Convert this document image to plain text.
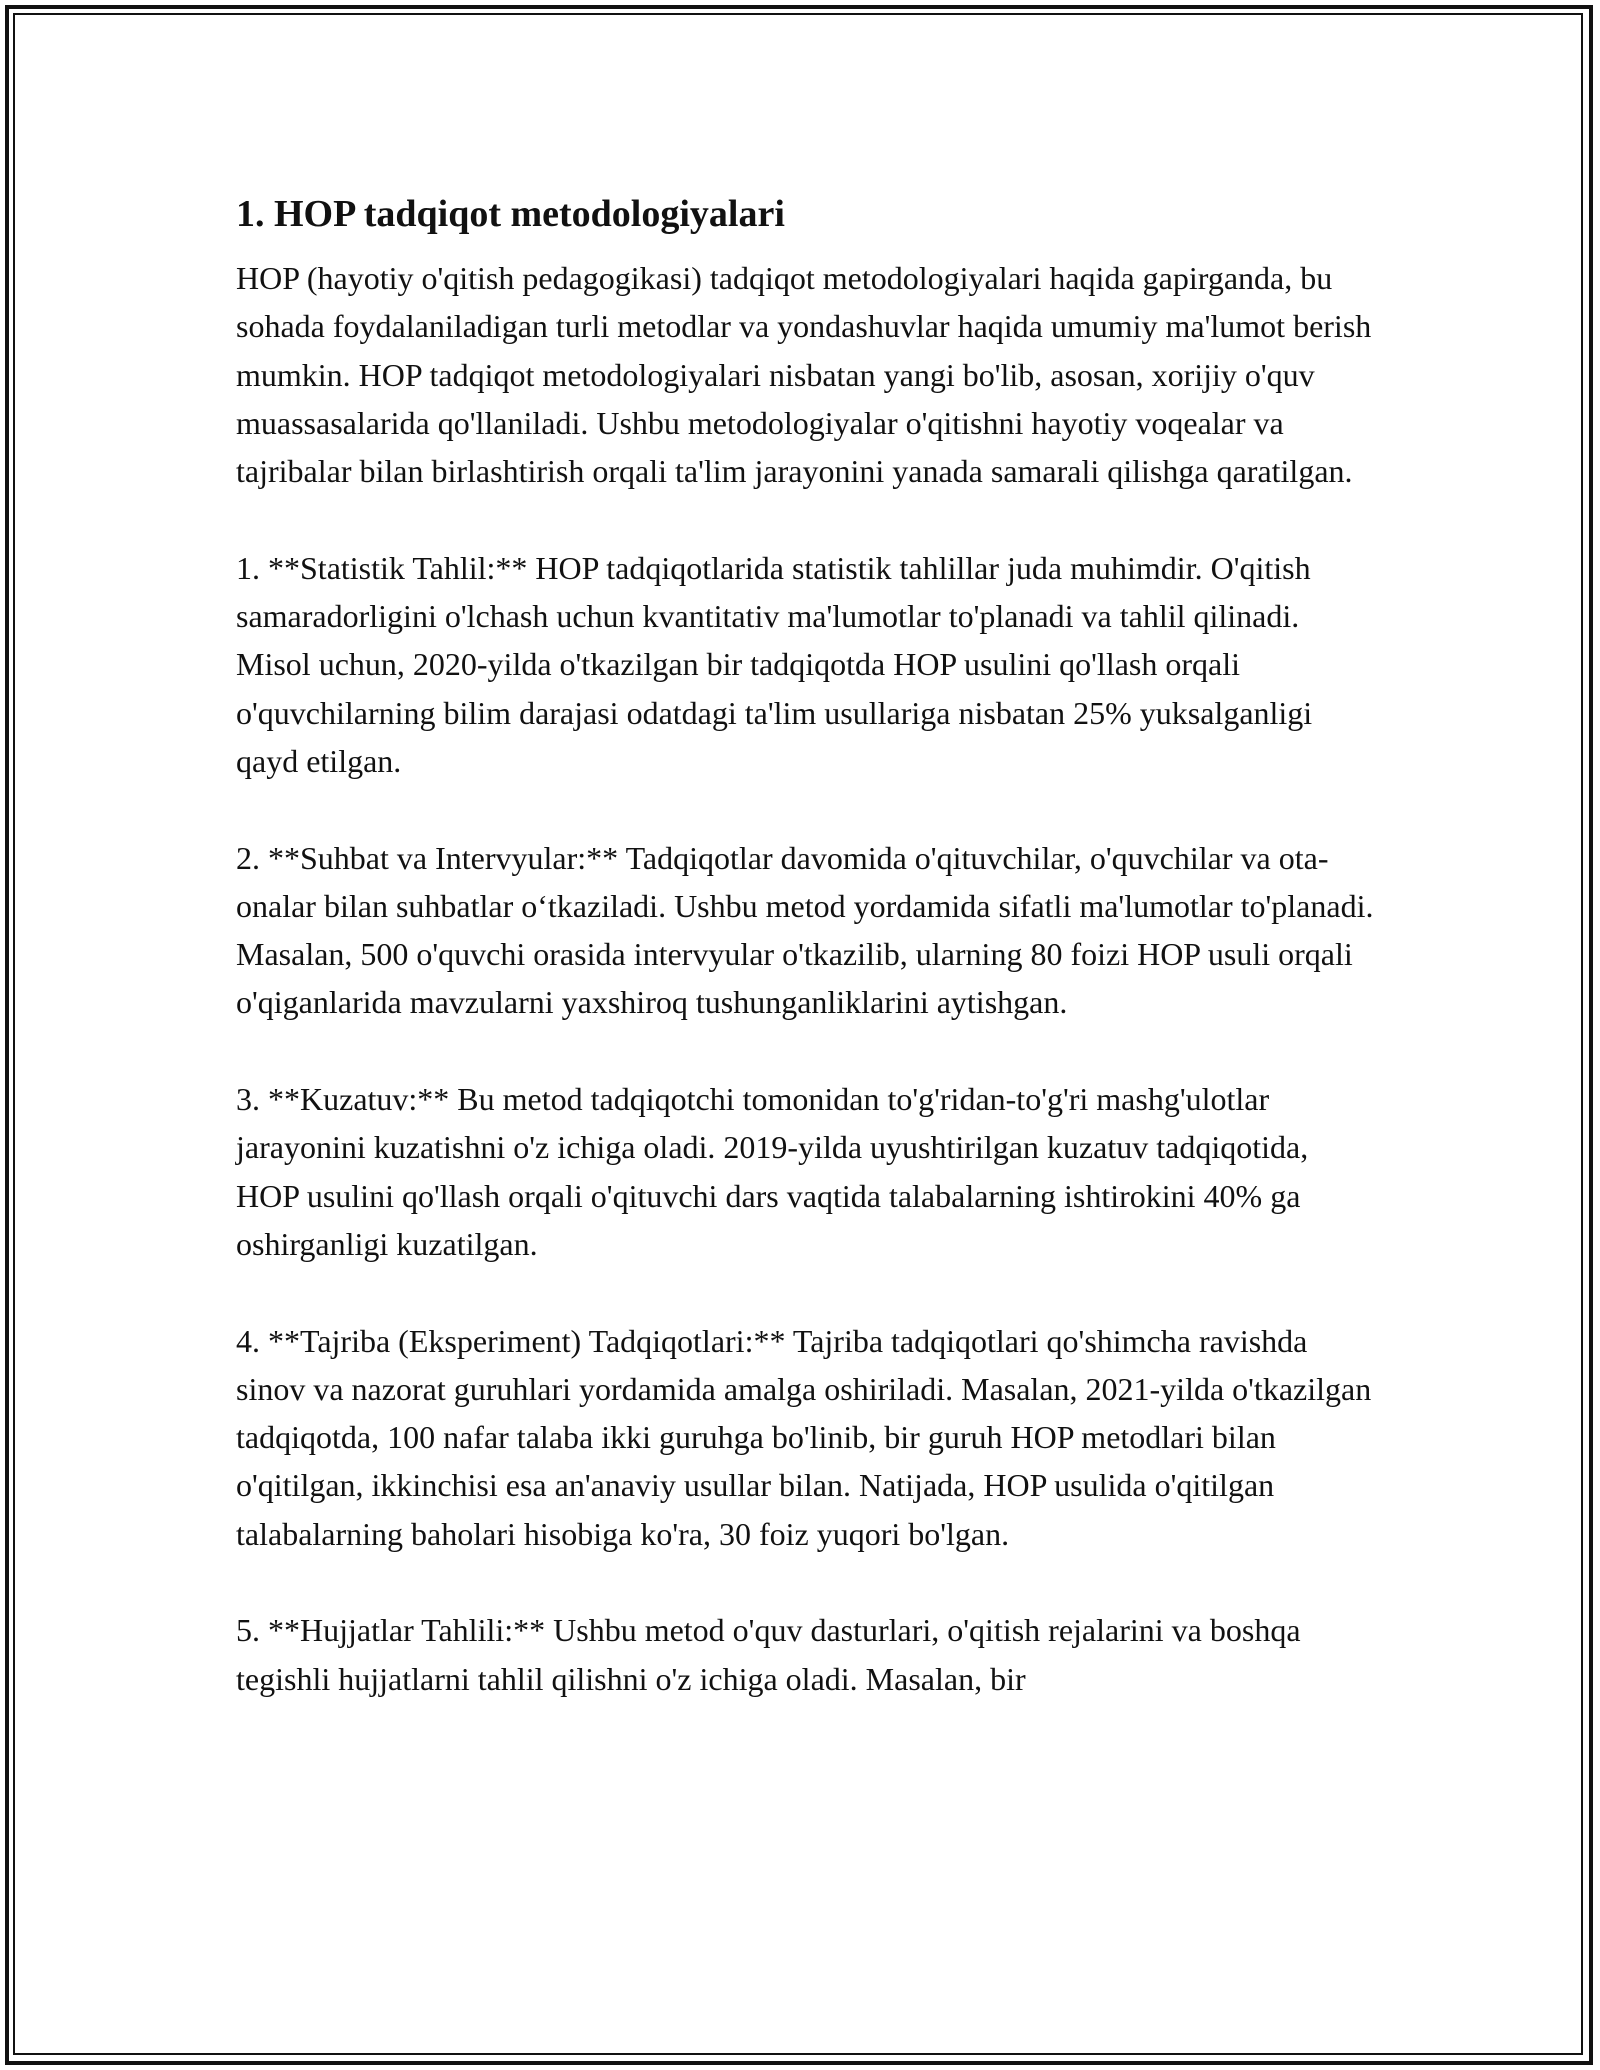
1. HOP tadqiqot metodologiyalari

HOP (hayotiy o'qitish pedagogikasi) tadqiqot metodologiyalari haqida gapirganda, bu sohada foydalaniladigan turli metodlar va yondashuvlar haqida umumiy ma'lumot berish mumkin. HOP tadqiqot metodologiyalari nisbatan yangi bo'lib, asosan, xorijiy o'quv muassasalarida qo'llaniladi. Ushbu metodologiyalar o'qitishni hayotiy voqealar va tajribalar bilan birlashtirish orqali ta'lim jarayonini yanada samarali qilishga qaratilgan.

1. **Statistik Tahlil:** HOP tadqiqotlarida statistik tahlillar juda muhimdir. O'qitish samaradorligini o'lchash uchun kvantitativ ma'lumotlar to'planadi va tahlil qilinadi. Misol uchun, 2020-yilda o'tkazilgan bir tadqiqotda HOP usulini qo'llash orqali o'quvchilarning bilim darajasi odatdagi ta'lim usullariga nisbatan 25% yuksalganligi qayd etilgan.

2. **Suhbat va Intervyular:** Tadqiqotlar davomida o'qituvchilar, o'quvchilar va ota-onalar bilan suhbatlar o‘tkaziladi. Ushbu metod yordamida sifatli ma'lumotlar to'planadi. Masalan, 500 o'quvchi orasida intervyular o'tkazilib, ularning 80 foizi HOP usuli orqali o'qiganlarida mavzularni yaxshiroq tushunganliklarini aytishgan.

3. **Kuzatuv:** Bu metod tadqiqotchi tomonidan to'g'ridan-to'g'ri mashg'ulotlar jarayonini kuzatishni o'z ichiga oladi. 2019-yilda uyushtirilgan kuzatuv tadqiqotida, HOP usulini qo'llash orqali o'qituvchi dars vaqtida talabalarning ishtirokini 40% ga oshirganligi kuzatilgan.

4. **Tajriba (Eksperiment) Tadqiqotlari:** Tajriba tadqiqotlari qo'shimcha ravishda sinov va nazorat guruhlari yordamida amalga oshiriladi. Masalan, 2021-yilda o'tkazilgan tadqiqotda, 100 nafar talaba ikki guruhga bo'linib, bir guruh HOP metodlari bilan o'qitilgan, ikkinchisi esa an'anaviy usullar bilan. Natijada, HOP usulida o'qitilgan talabalarning baholari hisobiga ko'ra, 30 foiz yuqori bo'lgan.

5. **Hujjatlar Tahlili:** Ushbu metod o'quv dasturlari, o'qitish rejalarini va boshqa tegishli hujjatlarni tahlil qilishni o'z ichiga oladi. Masalan, bir
